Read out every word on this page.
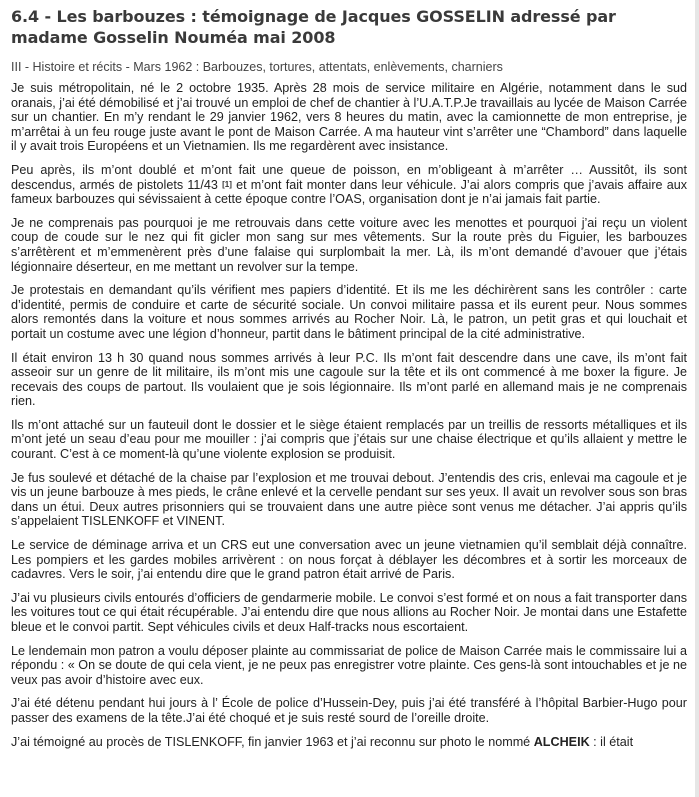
6.4 - Les barbouzes : témoignage de Jacques GOSSELIN adressé par madame Gosselin Nouméa mai 2008
III - Histoire et récits - Mars 1962 : Barbouzes, tortures, attentats, enlèvements, charniers

Je suis métropolitain, né le 2 octobre 1935. Après 28 mois de service militaire en Algérie, notamment dans le sud oranais, j’ai été démobilisé et j’ai trouvé un emploi de chef de chantier à l’U.A.T.P.Je travaillais au lycée de Maison Carrée sur un chantier. En m’y rendant le 29 janvier 1962, vers 8 heures du matin, avec la camionnette de mon entreprise, je m’arrêtai à un feu rouge juste avant le pont de Maison Carrée. A ma hauteur vint s’arrêter une “Chambord” dans laquelle il y avait trois Européens et un Vietnamien. Ils me regardèrent avec insistance.

Peu après, ils m’ont doublé et m’ont fait une queue de poisson, en m’obligeant à m’arrêter … Aussitôt, ils sont descendus, armés de pistolets 11/43 [1] et m’ont fait monter dans leur véhicule. J’ai alors compris que j’avais affaire aux fameux barbouzes qui sévissaient à cette époque contre l’OAS, organisation dont je n’ai jamais fait partie.

Je ne comprenais pas pourquoi je me retrouvais dans cette voiture avec les menottes et pourquoi j’ai reçu un violent coup de coude sur le nez qui fit gicler mon sang sur mes vêtements. Sur la route près du Figuier, les barbouzes s’arrêtèrent et m’emmenèrent près d’une falaise qui surplombait la mer. Là, ils m’ont demandé d’avouer que j’étais légionnaire déserteur, en me mettant un revolver sur la tempe.

Je protestais en demandant qu’ils vérifient mes papiers d’identité. Et ils me les déchirèrent sans les contrôler : carte d’identité, permis de conduire et carte de sécurité sociale. Un convoi militaire passa et ils eurent peur. Nous sommes alors remontés dans la voiture et nous sommes arrivés au Rocher Noir. Là, le patron, un petit gras et qui louchait et portait un costume avec une légion d’honneur, partit dans le bâtiment principal de la cité administrative.

Il était environ 13 h 30 quand nous sommes arrivés à leur P.C. Ils m’ont fait descendre dans une cave, ils m’ont fait asseoir sur un genre de lit militaire, ils m’ont mis une cagoule sur la tête et ils ont commencé à me boxer la figure. Je recevais des coups de partout. Ils voulaient que je sois légionnaire. Ils m’ont parlé en allemand mais je ne comprenais rien.

Ils m’ont attaché sur un fauteuil dont le dossier et le siège étaient remplacés par un treillis de ressorts métalliques et ils m’ont jeté un seau d’eau pour me mouiller : j’ai compris que j’étais sur une chaise électrique et qu’ils allaient y mettre le courant. C’est à ce moment-là qu’une violente explosion se produisit.

Je fus soulevé et détaché de la chaise par l’explosion et me trouvai debout. J’entendis des cris, enlevai ma cagoule et je vis un jeune barbouze à mes pieds, le crâne enlevé et la cervelle pendant sur ses yeux. Il avait un revolver sous son bras dans un étui. Deux autres prisonniers qui se trouvaient dans une autre pièce sont venus me détacher. J’ai appris qu’ils s’appelaient TISLENKOFF et VINENT.

Le service de déminage arriva et un CRS eut une conversation avec un jeune vietnamien qu’il semblait déjà connaître. Les pompiers et les gardes mobiles arrivèrent : on nous forçat à déblayer les décombres et à sortir les morceaux de cadavres. Vers le soir, j’ai entendu dire que le grand patron était arrivé de Paris.

J’ai vu plusieurs civils entourés d’officiers de gendarmerie mobile. Le convoi s’est formé et on nous a fait transporter dans les voitures tout ce qui était récupérable. J’ai entendu dire que nous allions au Rocher Noir. Je montai dans une Estafette bleue et le convoi partit. Sept véhicules civils et deux Half-tracks nous escortaient.

Le lendemain mon patron a voulu déposer plainte au commissariat de police de Maison Carrée mais le commissaire lui a répondu : « On se doute de qui cela vient, je ne peux pas enregistrer votre plainte. Ces gens-là sont intouchables et je ne veux pas avoir d’histoire avec eux.

J’ai été détenu pendant hui jours à l’ École de police d’Hussein-Dey, puis j’ai été transféré à l’hôpital Barbier-Hugo pour passer des examens de la tête.J’ai été choqué et je suis resté sourd de l’oreille droite.

J’ai témoigné au procès de TISLENKOFF, fin janvier 1963 et j’ai reconnu sur photo le nommé ALCHEIK : il était
